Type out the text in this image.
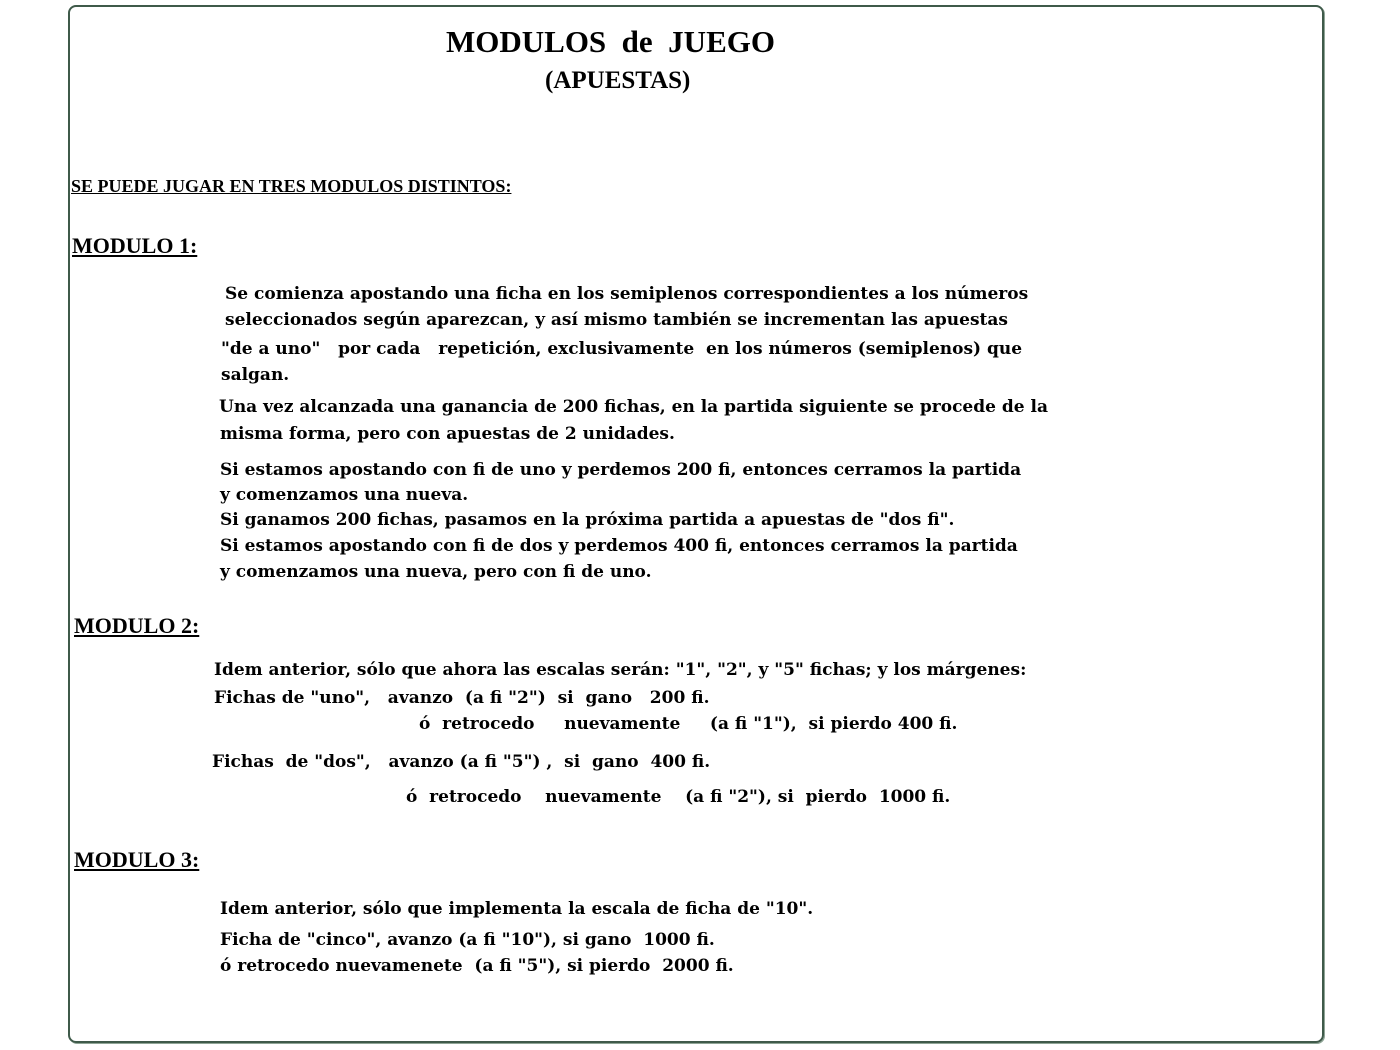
MODULOS  de  JUEGO
(APUESTAS)
SE PUEDE JUGAR EN TRES MODULOS DISTINTOS:
MODULO 1:
Se comienza apostando una ficha en los semiplenos correspondientes a los números
seleccionados según aparezcan, y así mismo también se incrementan las apuestas
"de a uno"   por cada   repetición, exclusivamente  en los números (semiplenos) que
salgan.
Una vez alcanzada una ganancia de 200 fichas, en la partida siguiente se procede de la
misma forma, pero con apuestas de 2 unidades.
Si estamos apostando con fi de uno y perdemos 200 fi, entonces cerramos la partida
y comenzamos una nueva.
Si ganamos 200 fichas, pasamos en la próxima partida a apuestas de "dos fi".
Si estamos apostando con fi de dos y perdemos 400 fi, entonces cerramos la partida
y comenzamos una nueva, pero con fi de uno.
MODULO 2:
Idem anterior, sólo que ahora las escalas serán: "1", "2", y "5" fichas; y los márgenes:
Fichas de "uno",   avanzo  (a fi "2")  si  gano   200 fi.
ó  retrocedo     nuevamente     (a fi "1"),  si pierdo 400 fi.
Fichas  de "dos",   avanzo (a fi "5") ,  si  gano  400 fi.
ó  retrocedo    nuevamente    (a fi "2"), si  pierdo  1000 fi.
MODULO 3:
Idem anterior, sólo que implementa la escala de ficha de "10".
Ficha de "cinco", avanzo (a fi "10"), si gano  1000 fi.
ó retrocedo nuevamenete  (a fi "5"), si pierdo  2000 fi.
